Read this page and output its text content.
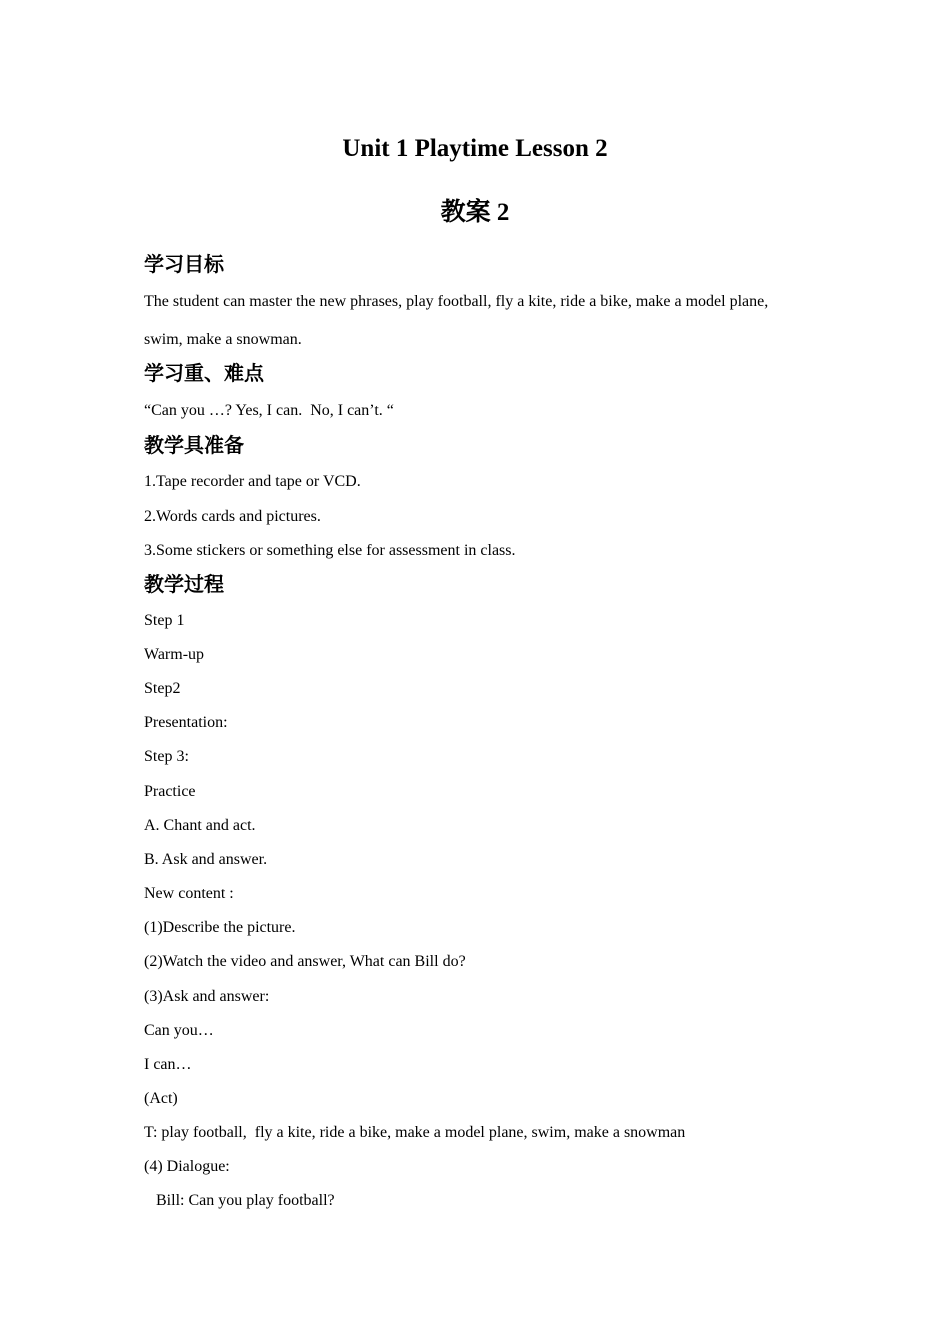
Unit 1 Playtime Lesson 2
教案 2
学习目标

The student can master the new phrases, play football, fly a kite, ride a bike, make a model plane,

swim, make a snowman.

学习重、难点

“Can you …? Yes, I can.  No, I can’t. “

教学具准备

1.Tape recorder and tape or VCD.

2.Words cards and pictures.

3.Some stickers or something else for assessment in class.

教学过程

Step 1

Warm-up

Step2

Presentation:

Step 3:

Practice

A. Chant and act.

B. Ask and answer.

New content :

(1)Describe the picture.

(2)Watch the video and answer, What can Bill do?

(3)Ask and answer:

Can you…

I can…

(Act)

T: play football,  fly a kite, ride a bike, make a model plane, swim, make a snowman

(4) Dialogue:

Bill: Can you play football?
